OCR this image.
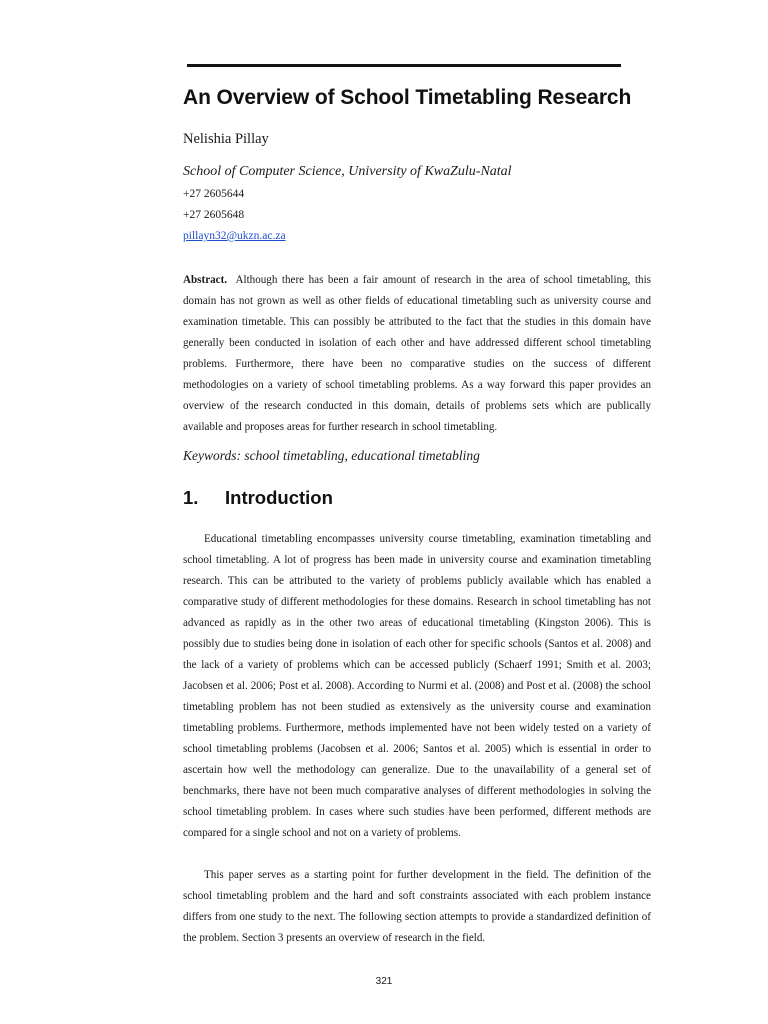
An Overview of School Timetabling Research
Nelishia Pillay
School of Computer Science, University of KwaZulu-Natal
+27 2605644
+27 2605648
pillayn32@ukzn.ac.za

Abstract. Although there has been a fair amount of research in the area of school timetabling, this domain has not grown as well as other fields of educational timetabling such as university course and examination timetable. This can possibly be attributed to the fact that the studies in this domain have generally been conducted in isolation of each other and have addressed different school timetabling problems. Furthermore, there have been no comparative studies on the success of different methodologies on a variety of school timetabling problems. As a way forward this paper provides an overview of the research conducted in this domain, details of problems sets which are publically available and proposes areas for further research in school timetabling.

Keywords: school timetabling, educational timetabling
1. Introduction

Educational timetabling encompasses university course timetabling, examination timetabling and school timetabling. A lot of progress has been made in university course and examination timetabling research. This can be attributed to the variety of problems publicly available which has enabled a comparative study of different methodologies for these domains. Research in school timetabling has not advanced as rapidly as in the other two areas of educational timetabling (Kingston 2006). This is possibly due to studies being done in isolation of each other for specific schools (Santos et al. 2008) and the lack of a variety of problems which can be accessed publicly (Schaerf 1991; Smith et al. 2003; Jacobsen et al. 2006; Post et al. 2008). According to Nurmi et al. (2008) and Post et al. (2008) the school timetabling problem has not been studied as extensively as the university course and examination timetabling problems. Furthermore, methods implemented have not been widely tested on a variety of school timetabling problems (Jacobsen et al. 2006; Santos et al. 2005) which is essential in order to ascertain how well the methodology can generalize. Due to the unavailability of a general set of benchmarks, there have not been much comparative analyses of different methodologies in solving the school timetabling problem. In cases where such studies have been performed, different methods are compared for a single school and not on a variety of problems.

This paper serves as a starting point for further development in the field. The definition of the school timetabling problem and the hard and soft constraints associated with each problem instance differs from one study to the next. The following section attempts to provide a standardized definition of the problem. Section 3 presents an overview of research in the field.

321
